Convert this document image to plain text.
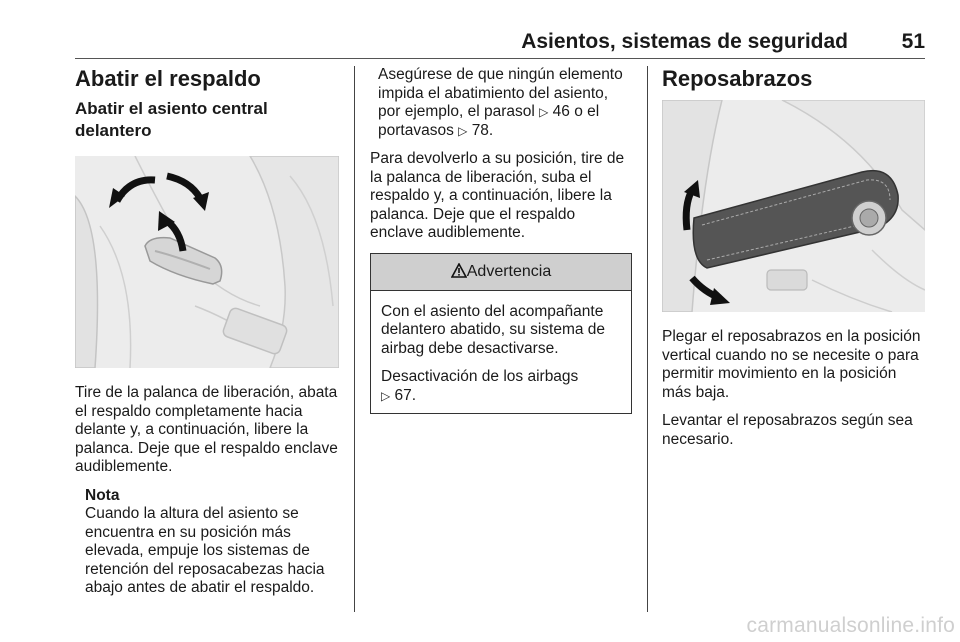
Asientos, sistemas de seguridad	51
Abatir el respaldo
Abatir el asiento central delantero

Tire de la palanca de liberación, abata el respaldo completamente hacia delante y, a continuación, libere la palanca. Deje que el respaldo enclave audiblemente.

Nota
Cuando la altura del asiento se encuentra en su posición más elevada, empuje los sistemas de retención del reposacabezas hacia abajo antes de abatir el respaldo.

Asegúrese de que ningún elemento impida el abatimiento del asiento, por ejemplo, el parasol ▷ 46 o el portavasos ▷ 78.

Para devolverlo a su posición, tire de la palanca de liberación, suba el respaldo y, a continuación, libere la palanca. Deje que el respaldo enclave audiblemente.

Advertencia

Con el asiento del acompañante delantero abatido, su sistema de airbag debe desactivarse.

Desactivación de los airbags
▷ 67.

Reposabrazos

Plegar el reposabrazos en la posición vertical cuando no se necesite o para permitir movimiento en la posición más baja.

Levantar el reposabrazos según sea necesario.

carmanualsonline.info
